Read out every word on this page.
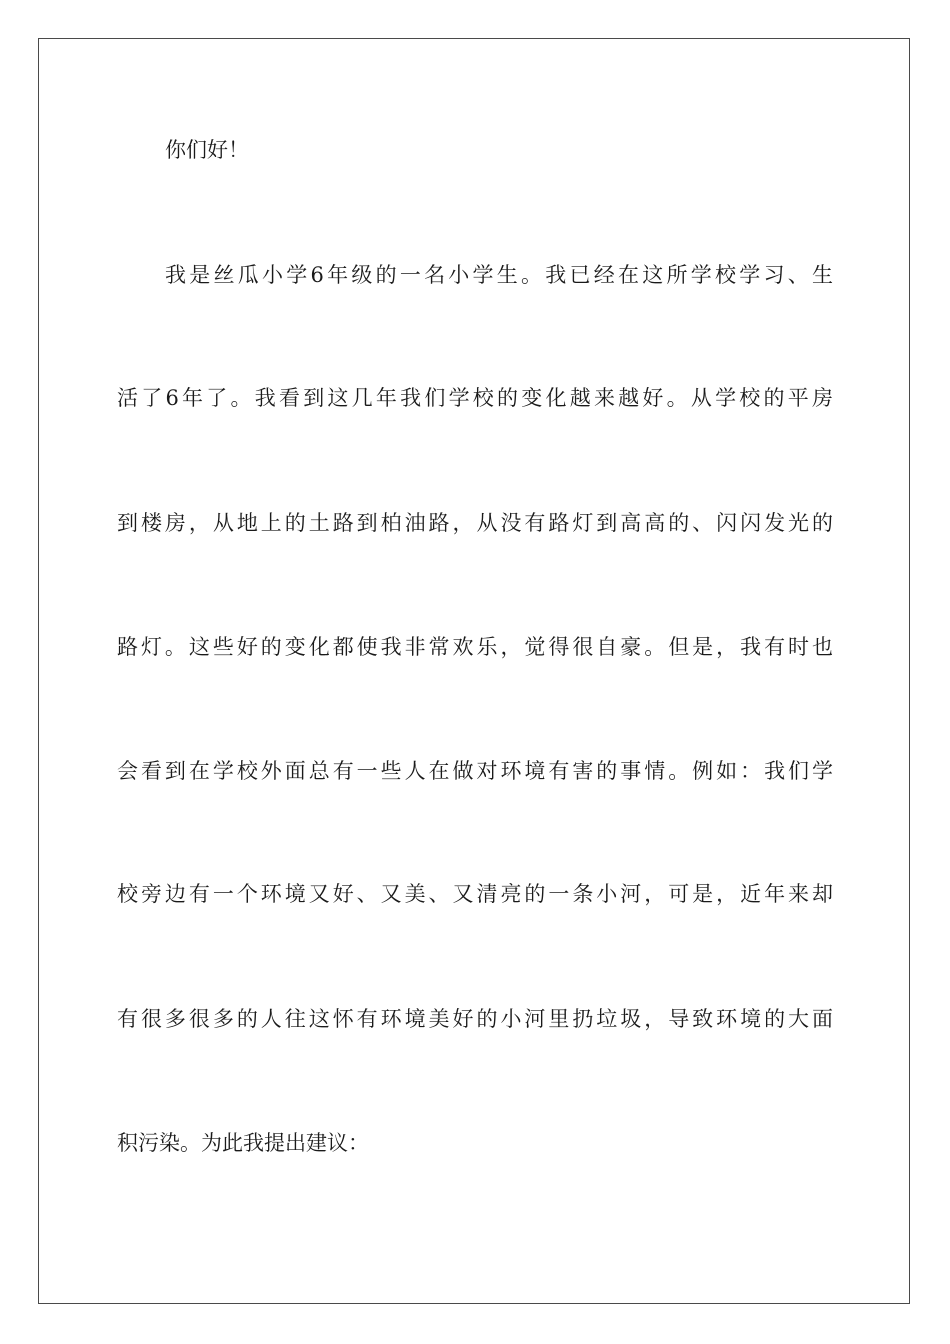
你们好！

我是丝瓜小学6年级的一名小学生。我已经在这所学校学习、生

活了6年了。我看到这几年我们学校的变化越来越好。从学校的平房

到楼房，从地上的土路到柏油路，从没有路灯到高高的、闪闪发光的

路灯。这些好的变化都使我非常欢乐，觉得很自豪。但是，我有时也

会看到在学校外面总有一些人在做对环境有害的事情。例如：我们学

校旁边有一个环境又好、又美、又清亮的一条小河，可是，近年来却

有很多很多的人往这怀有环境美好的小河里扔垃圾，导致环境的大面

积污染。为此我提出建议：
